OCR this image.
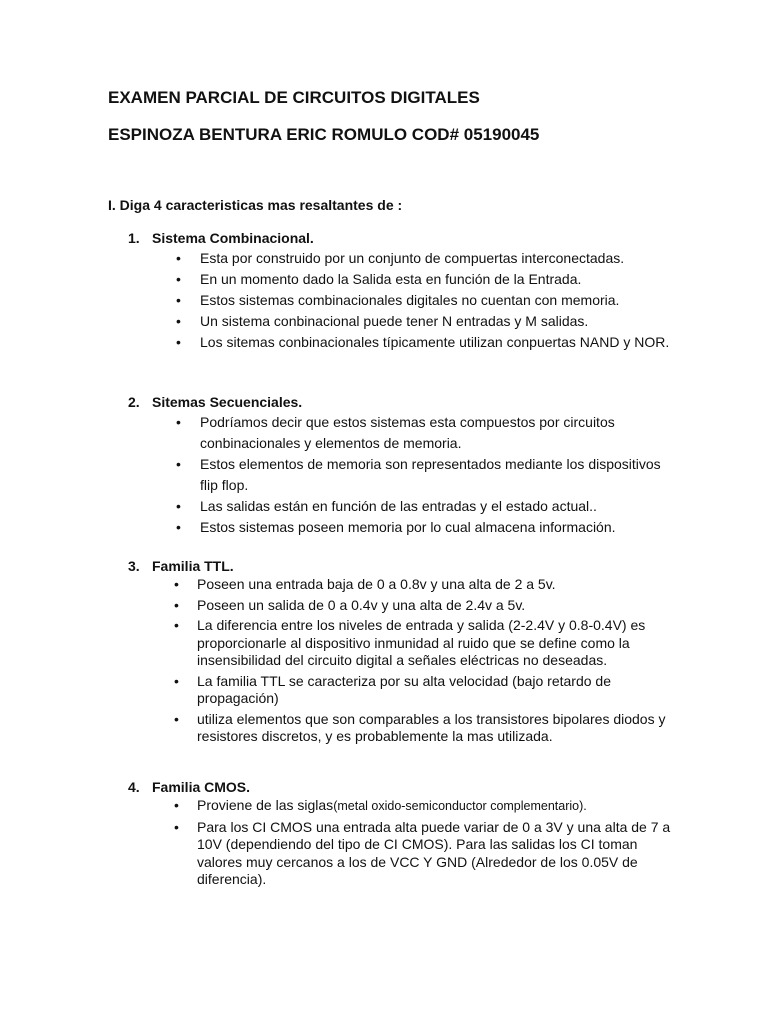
EXAMEN PARCIAL DE CIRCUITOS DIGITALES
ESPINOZA BENTURA ERIC ROMULO COD# 05190045
I. Diga 4 caracteristicas mas resaltantes de :
1. Sistema Combinacional.
• Esta por construido por un conjunto de compuertas interconectadas.
• En un momento dado la Salida esta en función de la Entrada.
• Estos sistemas combinacionales digitales no cuentan con memoria.
• Un sistema conbinacional puede tener N entradas y M salidas.
• Los sitemas conbinacionales típicamente utilizan conpuertas NAND y NOR.
2. Sitemas Secuenciales.
• Podríamos decir que estos sistemas esta compuestos por circuitos conbinacionales y elementos de memoria.
• Estos elementos de memoria son representados mediante los dispositivos flip flop.
• Las salidas están en función de las entradas y el estado actual..
• Estos sistemas poseen memoria por lo cual almacena información.
3. Familia TTL.
• Poseen una entrada baja de 0 a 0.8v y una alta de 2 a 5v.
• Poseen un salida de 0 a 0.4v y una alta de 2.4v a 5v.
• La diferencia entre los niveles de entrada y salida (2-2.4V y 0.8-0.4V) es proporcionarle al dispositivo inmunidad al ruido que se define como la insensibilidad del circuito digital a señales eléctricas no deseadas.
• La familia TTL se caracteriza por su alta velocidad (bajo retardo de propagación)
• utiliza elementos que son comparables a los transistores bipolares diodos y resistores discretos, y es probablemente la mas utilizada.
4. Familia CMOS.
• Proviene de las siglas(metal oxido-semiconductor complementario).
• Para los CI CMOS una entrada alta puede variar de 0 a 3V y una alta de 7 a 10V (dependiendo del tipo de CI CMOS). Para las salidas los CI toman valores muy cercanos a los de VCC Y GND (Alrededor de los 0.05V de diferencia).
